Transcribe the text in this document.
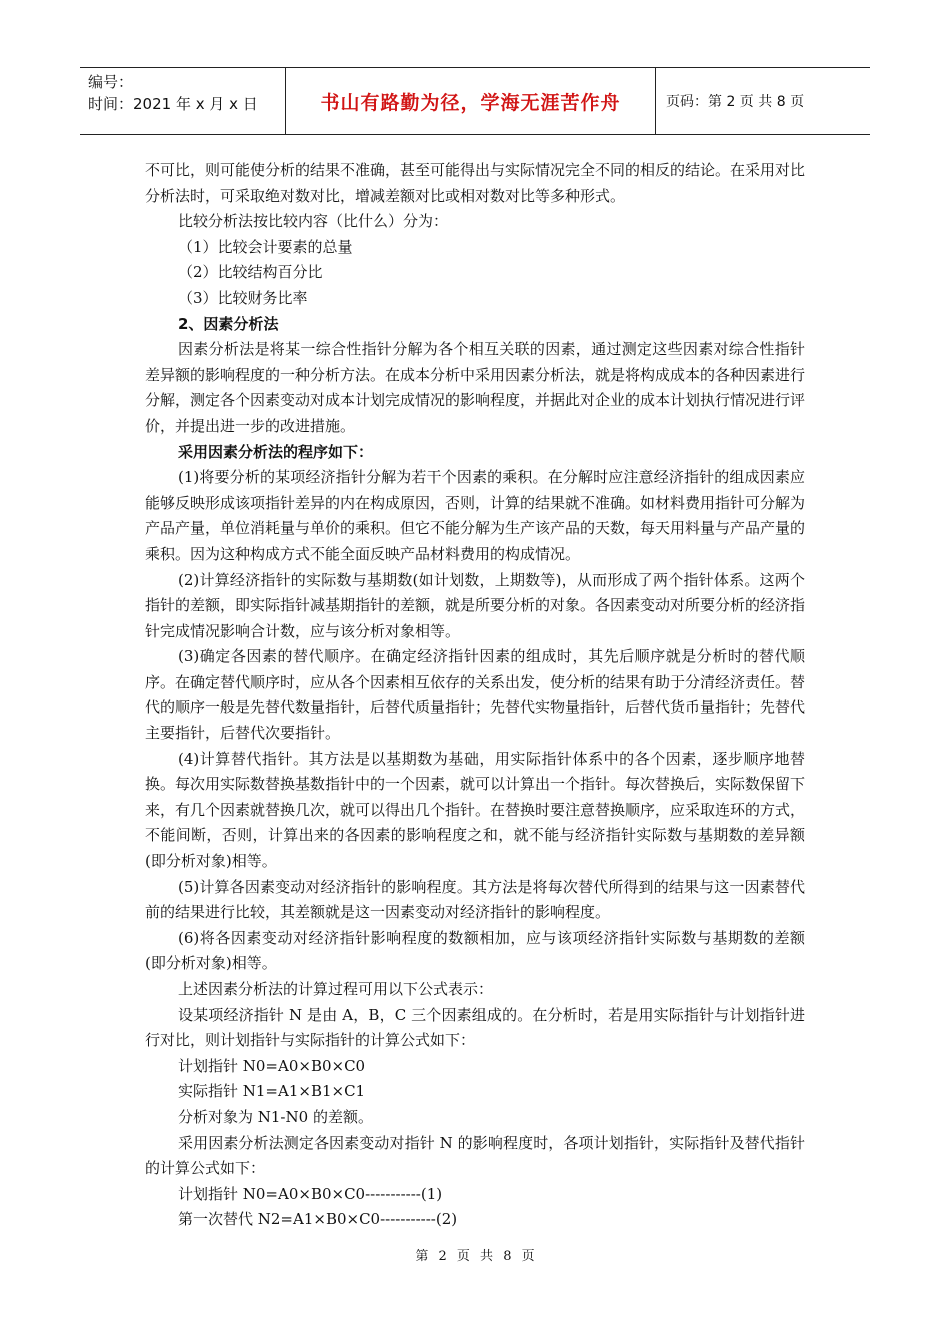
编号：
时间：2021 年 x 月 x 日	书山有路勤为径，学海无涯苦作舟	页码：第 2 页 共 8 页

不可比，则可能使分析的结果不准确，甚至可能得出与实际情况完全不同的相反的结论。在采用对比分析法时，可采取绝对数对比，增减差额对比或相对数对比等多种形式。

比较分析法按比较内容（比什么）分为：

（1）比较会计要素的总量

（2）比较结构百分比

（3）比较财务比率

2、因素分析法

因素分析法是将某一综合性指针分解为各个相互关联的因素，通过测定这些因素对综合性指针差异额的影响程度的一种分析方法。在成本分析中采用因素分析法，就是将构成成本的各种因素进行分解，测定各个因素变动对成本计划完成情况的影响程度，并据此对企业的成本计划执行情况进行评价，并提出进一步的改进措施。

采用因素分析法的程序如下：

(1)将要分析的某项经济指针分解为若干个因素的乘积。在分解时应注意经济指针的组成因素应能够反映形成该项指针差异的内在构成原因，否则，计算的结果就不准确。如材料费用指针可分解为产品产量，单位消耗量与单价的乘积。但它不能分解为生产该产品的天数，每天用料量与产品产量的乘积。因为这种构成方式不能全面反映产品材料费用的构成情况。

(2)计算经济指针的实际数与基期数(如计划数，上期数等)，从而形成了两个指针体系。这两个指针的差额，即实际指针减基期指针的差额，就是所要分析的对象。各因素变动对所要分析的经济指针完成情况影响合计数，应与该分析对象相等。

(3)确定各因素的替代顺序。在确定经济指针因素的组成时，其先后顺序就是分析时的替代顺序。在确定替代顺序时，应从各个因素相互依存的关系出发，使分析的结果有助于分清经济责任。替代的顺序一般是先替代数量指针，后替代质量指针；先替代实物量指针，后替代货币量指针；先替代主要指针，后替代次要指针。

(4)计算替代指针。其方法是以基期数为基础，用实际指针体系中的各个因素，逐步顺序地替换。每次用实际数替换基数指针中的一个因素，就可以计算出一个指针。每次替换后，实际数保留下来，有几个因素就替换几次，就可以得出几个指针。在替换时要注意替换顺序，应采取连环的方式，不能间断，否则，计算出来的各因素的影响程度之和，就不能与经济指针实际数与基期数的差异额(即分析对象)相等。

(5)计算各因素变动对经济指针的影响程度。其方法是将每次替代所得到的结果与这一因素替代前的结果进行比较，其差额就是这一因素变动对经济指针的影响程度。

(6)将各因素变动对经济指针影响程度的数额相加，应与该项经济指针实际数与基期数的差额(即分析对象)相等。

上述因素分析法的计算过程可用以下公式表示：

设某项经济指针 N 是由 A，B，C 三个因素组成的。在分析时，若是用实际指针与计划指针进行对比，则计划指针与实际指针的计算公式如下：

计划指针 N0=A0×B0×C0

实际指针 N1=A1×B1×C1

分析对象为 N1-N0 的差额。

采用因素分析法测定各因素变动对指针 N 的影响程度时，各项计划指针，实际指针及替代指针的计算公式如下：

计划指针 N0=A0×B0×C0-----------(1)

第一次替代 N2=A1×B0×C0-----------(2)

第 2 页 共 8 页
